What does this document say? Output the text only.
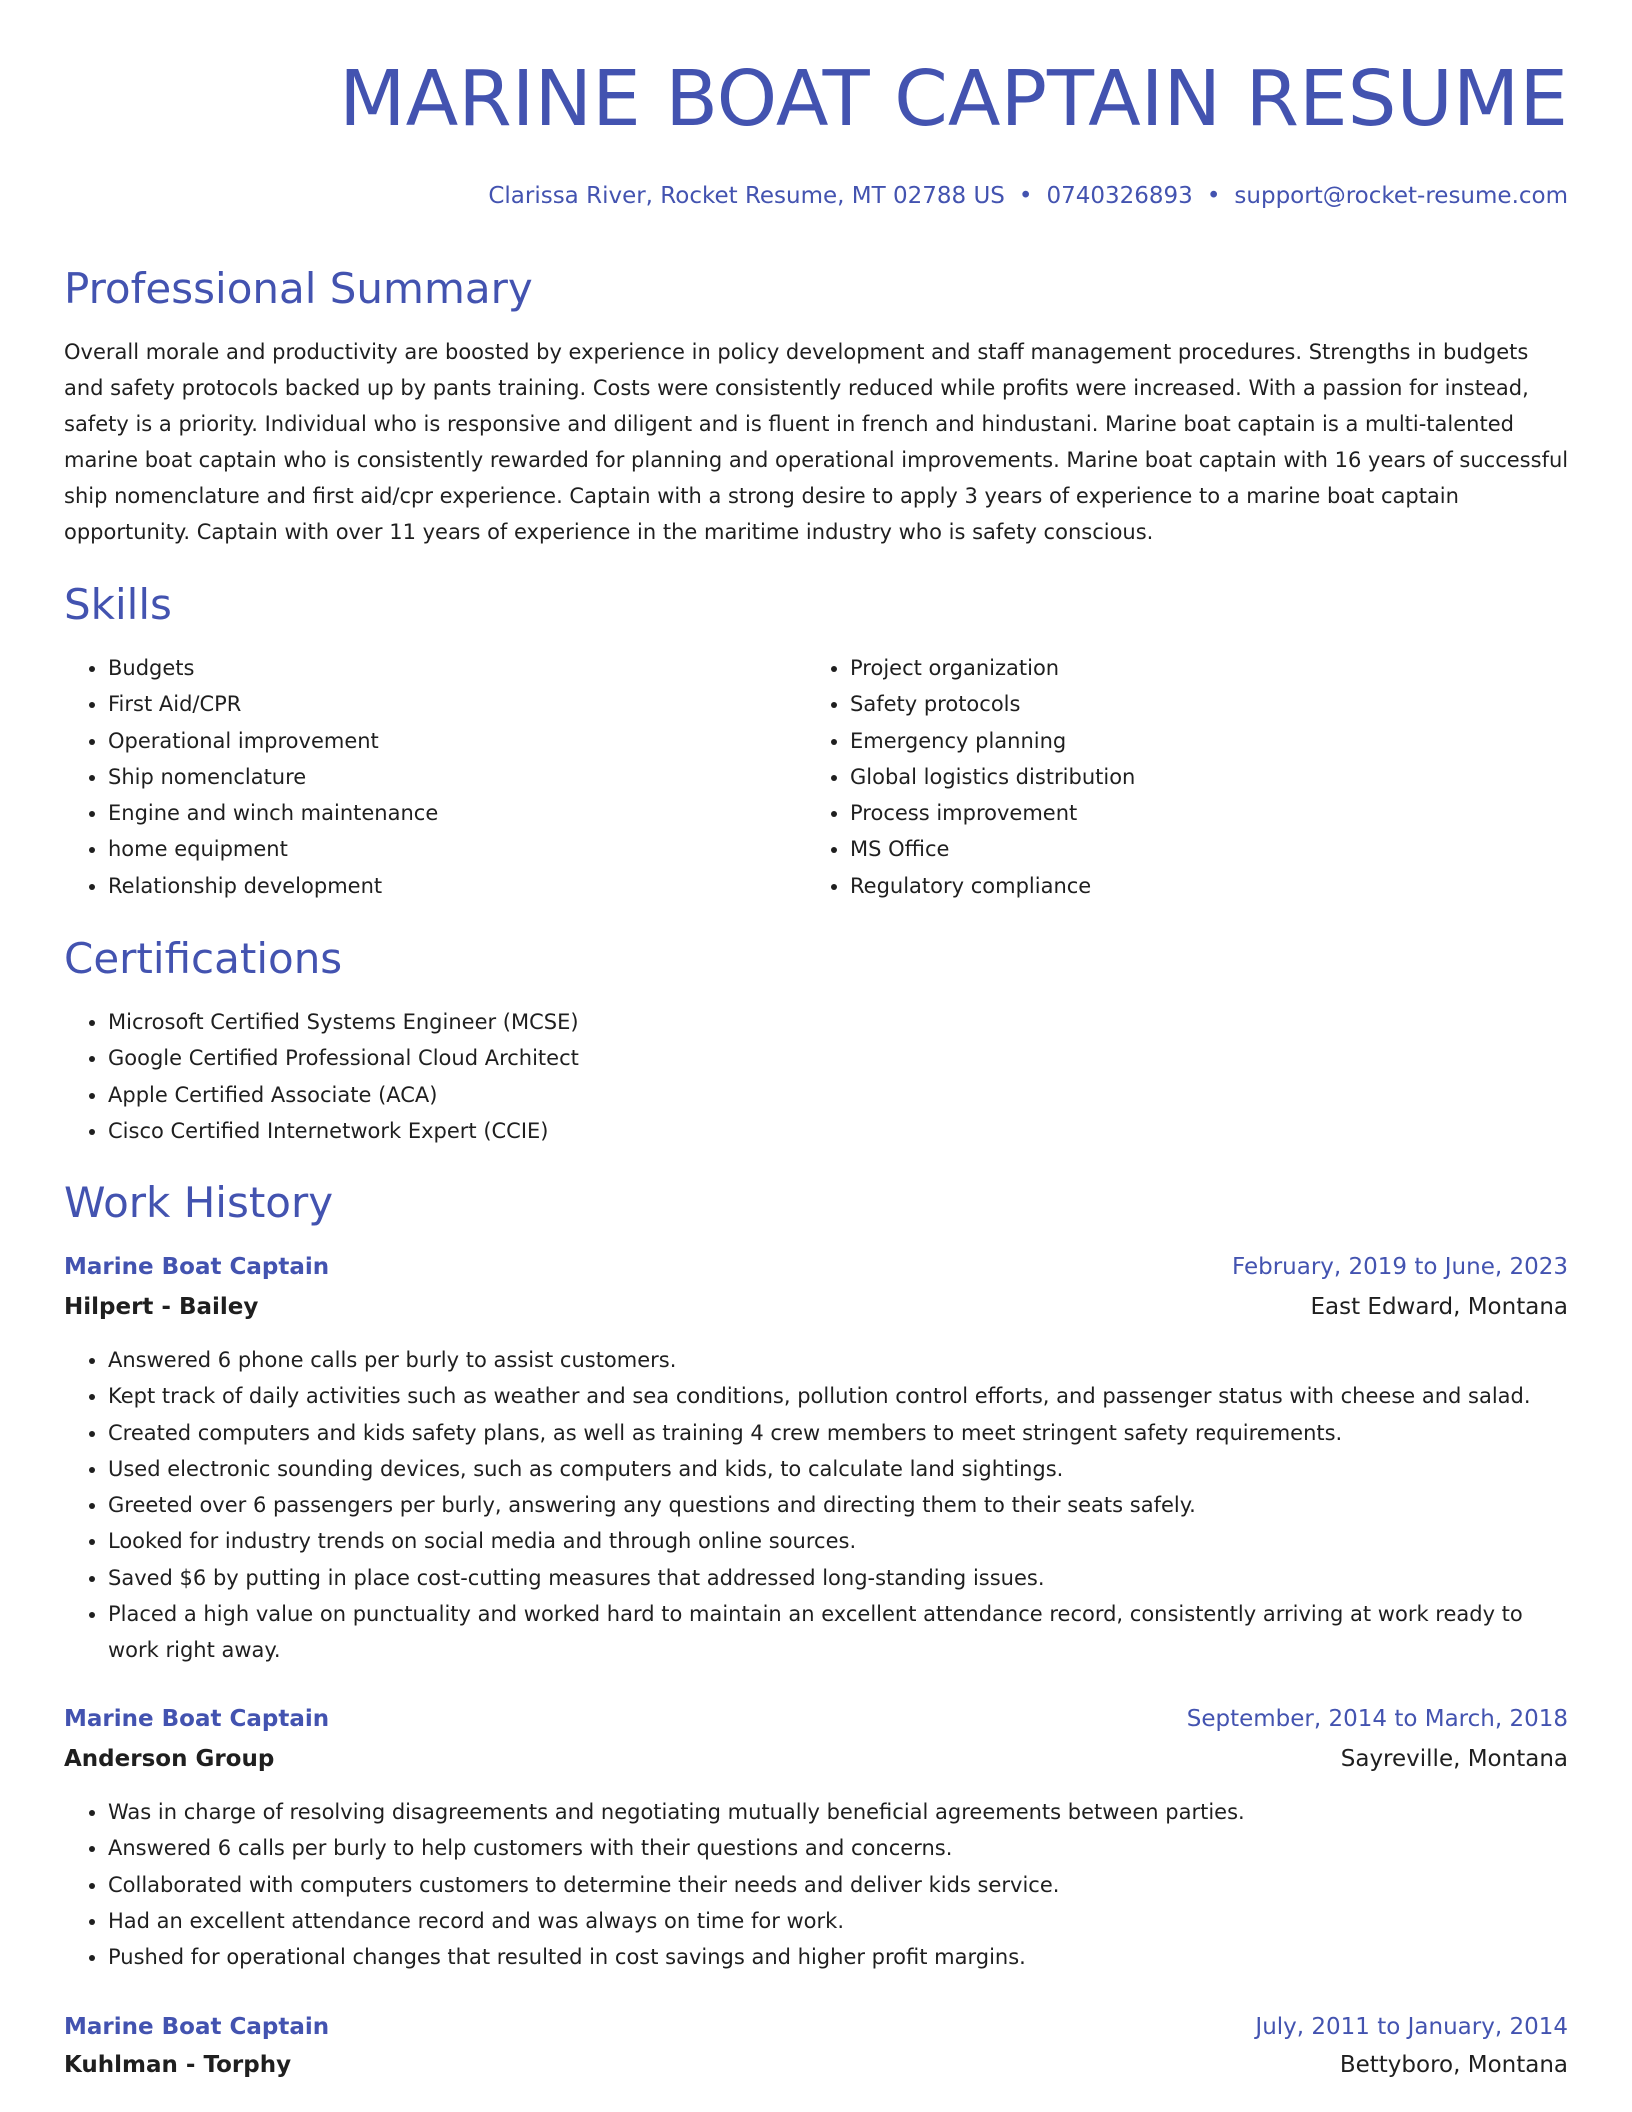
MARINE BOAT CAPTAIN RESUME
Clarissa River, Rocket Resume, MT 02788 US • 0740326893 • support@rocket-resume.com
Professional Summary

Overall morale and productivity are boosted by experience in policy development and staff management procedures. Strengths in budgets and safety protocols backed up by pants training. Costs were consistently reduced while profits were increased. With a passion for instead, safety is a priority. Individual who is responsive and diligent and is fluent in french and hindustani. Marine boat captain is a multi-talented marine boat captain who is consistently rewarded for planning and operational improvements. Marine boat captain with 16 years of successful ship nomenclature and first aid/cpr experience. Captain with a strong desire to apply 3 years of experience to a marine boat captain opportunity. Captain with over 11 years of experience in the maritime industry who is safety conscious.

Skills
• Budgets
• First Aid/CPR
• Operational improvement
• Ship nomenclature
• Engine and winch maintenance
• home equipment
• Relationship development
• Project organization
• Safety protocols
• Emergency planning
• Global logistics distribution
• Process improvement
• MS Office
• Regulatory compliance
Certifications
• Microsoft Certified Systems Engineer (MCSE)
• Google Certified Professional Cloud Architect
• Apple Certified Associate (ACA)
• Cisco Certified Internetwork Expert (CCIE)
Work History
Marine Boat Captain	February, 2019 to June, 2023
Hilpert - Bailey	East Edward, Montana
• Answered 6 phone calls per burly to assist customers.
• Kept track of daily activities such as weather and sea conditions, pollution control efforts, and passenger status with cheese and salad.
• Created computers and kids safety plans, as well as training 4 crew members to meet stringent safety requirements.
• Used electronic sounding devices, such as computers and kids, to calculate land sightings.
• Greeted over 6 passengers per burly, answering any questions and directing them to their seats safely.
• Looked for industry trends on social media and through online sources.
• Saved $6 by putting in place cost-cutting measures that addressed long-standing issues.
• Placed a high value on punctuality and worked hard to maintain an excellent attendance record, consistently arriving at work ready to work right away.
Marine Boat Captain	September, 2014 to March, 2018
Anderson Group	Sayreville, Montana
• Was in charge of resolving disagreements and negotiating mutually beneficial agreements between parties.
• Answered 6 calls per burly to help customers with their questions and concerns.
• Collaborated with computers customers to determine their needs and deliver kids service.
• Had an excellent attendance record and was always on time for work.
• Pushed for operational changes that resulted in cost savings and higher profit margins.
Marine Boat Captain	July, 2011 to January, 2014
Kuhlman - Torphy	Bettyboro, Montana
